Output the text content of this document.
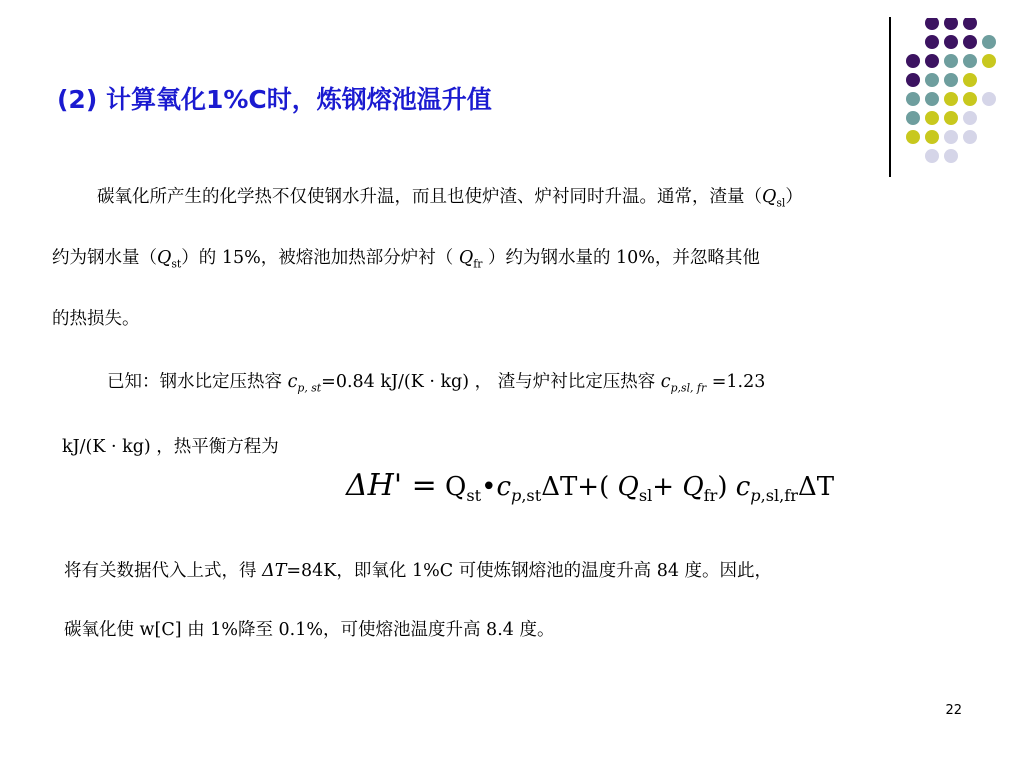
(2) 计算氧化1%C时，炼钢熔池温升值
碳氧化所产生的化学热不仅使钢水升温，而且也使炉渣、炉衬同时升温。通常，渣量$(Q_{sl})$
约为钢水量$(Q_{st})$的 15%，被熔池加热部分炉衬（ $Q_{fr}$ ）约为钢水量的 10%，并忽略其他
的热损失。
已知：钢水比定压热容 $c_{p, st}=0.84$ kJ/(K · kg) ， 渣与炉衬比定压热容 $c_{p,sl, fr} =1.23$
kJ/(K · kg) ，热平衡方程为
$\Delta H' = Q_{st}•c_{p,st}\Delta T+$( $Q_{sl}+ Q_{fr}$) $c_{p,sl,fr}\Delta T$
将有关数据代入上式，得 ΔT=84K，即氧化 1%C 可使炼钢熔池的温度升高 84 度。因此，
碳氧化使 w[C] 由 1%降至 0.1%，可使熔池温度升高 8.4 度。
22
